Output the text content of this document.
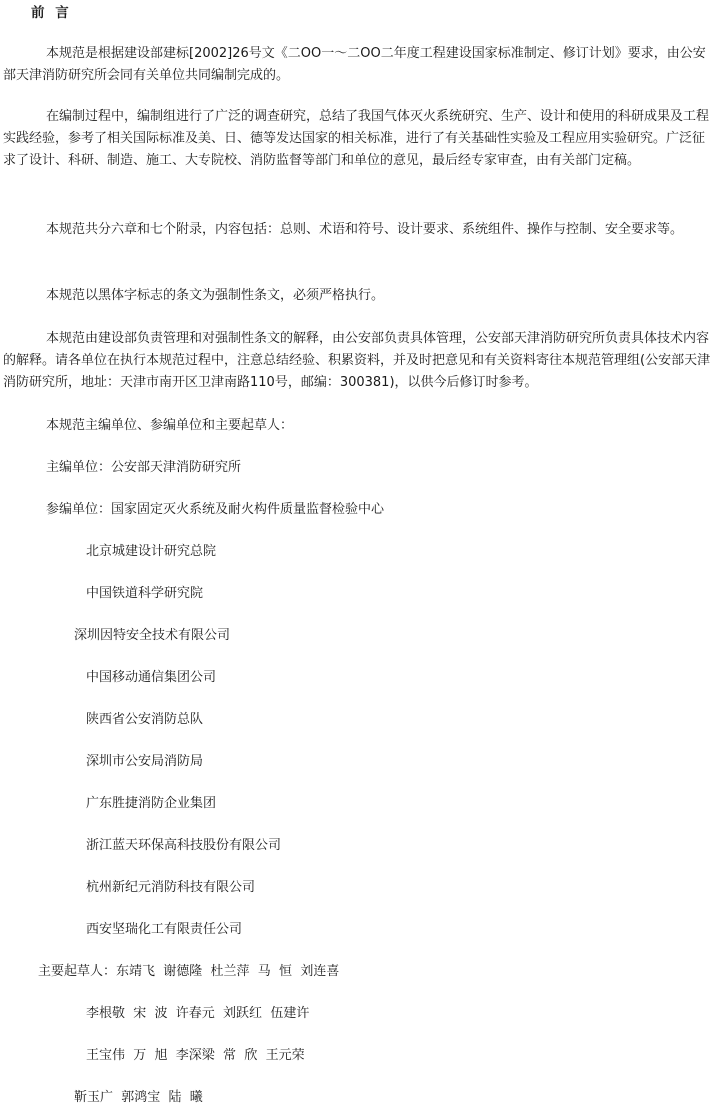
前 言

本规范是根据建设部建标[2002]26号文《二OO一～二OO二年度工程建设国家标准制定、修订计划》要求，由公安部天津消防研究所会同有关单位共同编制完成的。

在编制过程中，编制组进行了广泛的调查研究，总结了我国气体灭火系统研究、生产、设计和使用的科研成果及工程实践经验，参考了相关国际标准及美、日、德等发达国家的相关标准，进行了有关基础性实验及工程应用实验研究。广泛征求了设计、科研、制造、施工、大专院校、消防监督等部门和单位的意见，最后经专家审查，由有关部门定稿。

本规范共分六章和七个附录，内容包括：总则、术语和符号、设计要求、系统组件、操作与控制、安全要求等。

本规范以黑体字标志的条文为强制性条文，必须严格执行。

本规范由建设部负责管理和对强制性条文的解释，由公安部负责具体管理，公安部天津消防研究所负责具体技术内容的解释。请各单位在执行本规范过程中，注意总结经验、积累资料，并及时把意见和有关资料寄往本规范管理组(公安部天津消防研究所，地址：天津市南开区卫津南路110号，邮编：300381)，以供今后修订时参考。

本规范主编单位、参编单位和主要起草人：
主编单位：公安部天津消防研究所
参编单位：国家固定灭火系统及耐火构件质量监督检验中心
北京城建设计研究总院
中国铁道科学研究院
深圳因特安全技术有限公司
中国移动通信集团公司
陕西省公安消防总队
深圳市公安局消防局
广东胜捷消防企业集团
浙江蓝天环保高科技股份有限公司
杭州新纪元消防科技有限公司
西安坚瑞化工有限责任公司
主要起草人：东靖飞  谢德隆  杜兰萍  马  恒  刘连喜
李根敬  宋  波  许春元  刘跃红  伍建许
王宝伟  万  旭  李深梁  常  欣  王元荣
靳玉广  郭鸿宝  陆  曦
